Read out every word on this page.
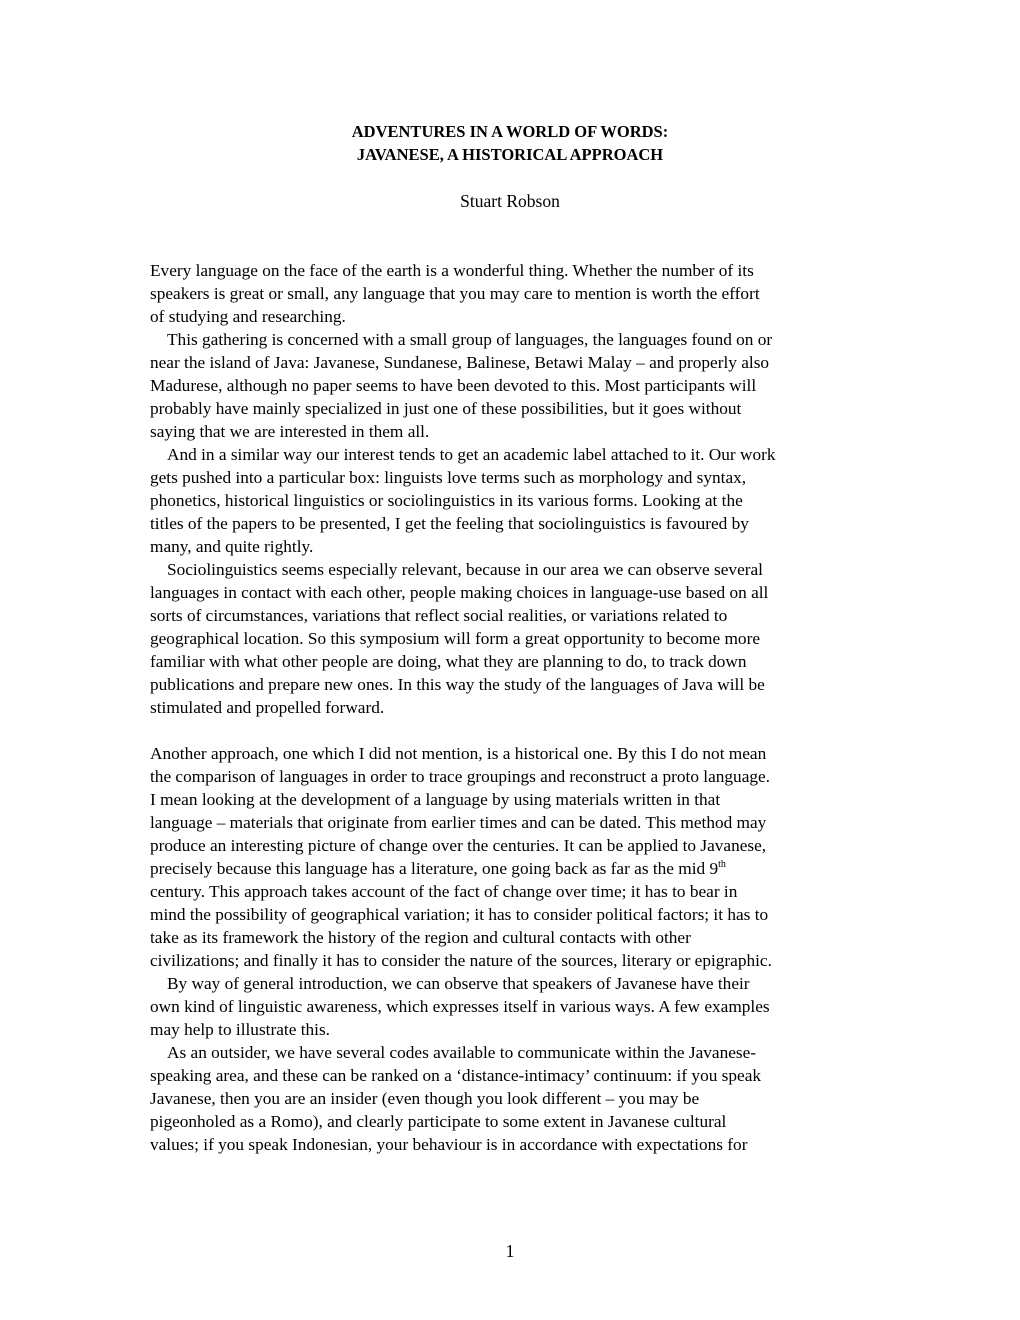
ADVENTURES IN A WORLD OF WORDS:
JAVANESE, A HISTORICAL APPROACH
Stuart Robson
Every language on the face of the earth is a wonderful thing. Whether the number of its
speakers is great or small, any language that you may care to mention is worth the effort
of studying and researching.
This gathering is concerned with a small group of languages, the languages found on or
near the island of Java: Javanese, Sundanese, Balinese, Betawi Malay – and properly also
Madurese, although no paper seems to have been devoted to this. Most participants will
probably have mainly specialized in just one of these possibilities, but it goes without
saying that we are interested in them all.
And in a similar way our interest tends to get an academic label attached to it. Our work
gets pushed into a particular box: linguists love terms such as morphology and syntax,
phonetics, historical linguistics or sociolinguistics in its various forms. Looking at the
titles of the papers to be presented, I get the feeling that sociolinguistics is favoured by
many, and quite rightly.
Sociolinguistics seems especially relevant, because in our area we can observe several
languages in contact with each other, people making choices in language-use based on all
sorts of circumstances, variations that reflect social realities, or variations related to
geographical location. So this symposium will form a great opportunity to become more
familiar with what other people are doing, what they are planning to do, to track down
publications and prepare new ones. In this way the study of the languages of Java will be
stimulated and propelled forward.
Another approach, one which I did not mention, is a historical one. By this I do not mean
the comparison of languages in order to trace groupings and reconstruct a proto language.
I mean looking at the development of a language by using materials written in that
language – materials that originate from earlier times and can be dated. This method may
produce an interesting picture of change over the centuries. It can be applied to Javanese,
precisely because this language has a literature, one going back as far as the mid 9th
century. This approach takes account of the fact of change over time; it has to bear in
mind the possibility of geographical variation; it has to consider political factors; it has to
take as its framework the history of the region and cultural contacts with other
civilizations; and finally it has to consider the nature of the sources, literary or epigraphic.
By way of general introduction, we can observe that speakers of Javanese have their
own kind of linguistic awareness, which expresses itself in various ways. A few examples
may help to illustrate this.
As an outsider, we have several codes available to communicate within the Javanese-
speaking area, and these can be ranked on a ‘distance-intimacy’ continuum: if you speak
Javanese, then you are an insider (even though you look different – you may be
pigeonholed as a Romo), and clearly participate to some extent in Javanese cultural
values; if you speak Indonesian, your behaviour is in accordance with expectations for
1
